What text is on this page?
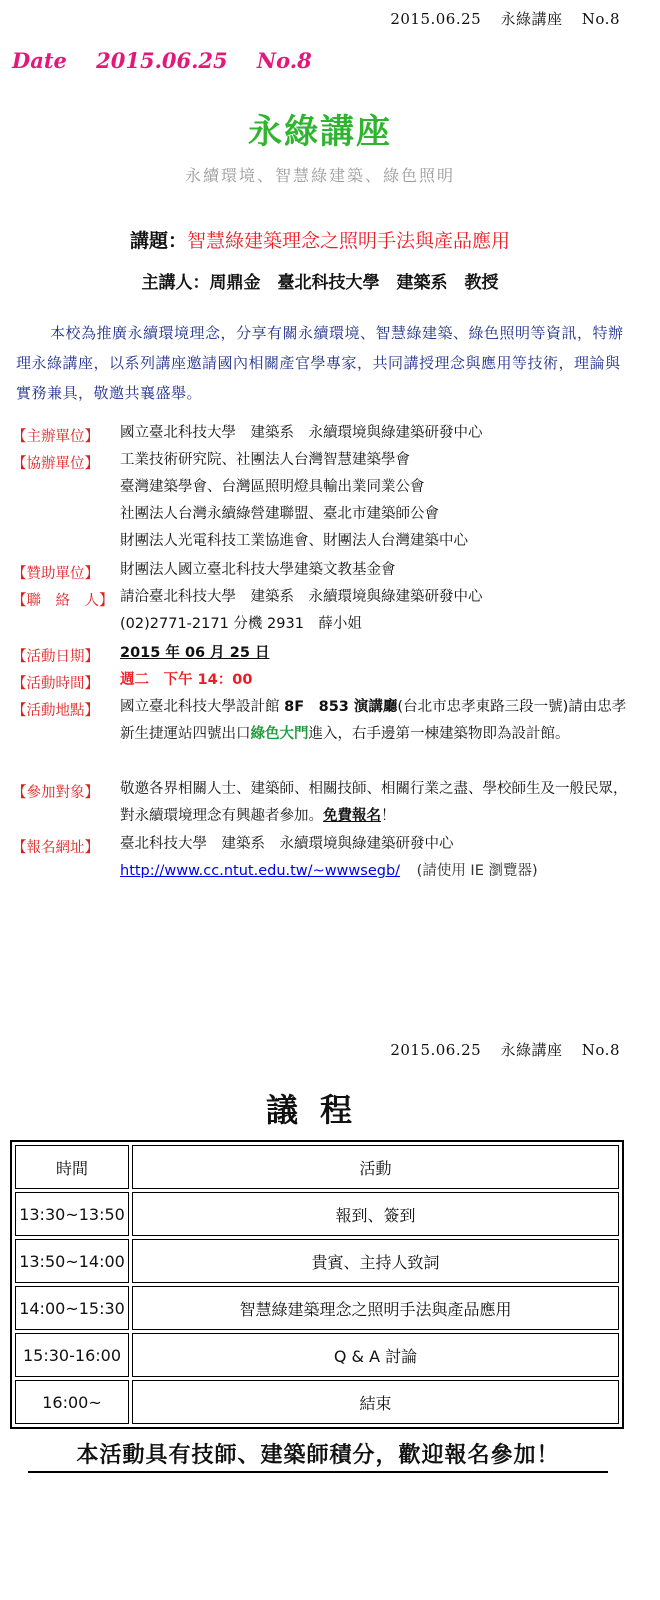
2015.06.25 永綠講座 No.8
Date 2015.06.25 No.8
永綠講座
永續環境、智慧綠建築、綠色照明
講題：智慧綠建築理念之照明手法與產品應用
主講人：周鼎金　臺北科技大學　建築系　教授
本校為推廣永續環境理念，分享有關永續環境、智慧綠建築、綠色照明等資訊，特辦理永綠講座，以系列講座邀請國內相關產官學專家，共同講授理念與應用等技術，理論與實務兼具，敬邀共襄盛舉。
【主辦單位】	國立臺北科技大學　建築系　永續環境與綠建築研發中心
【協辦單位】	工業技術研究院、社團法人台灣智慧建築學會
臺灣建築學會、台灣區照明燈具輸出業同業公會
社團法人台灣永續綠營建聯盟、臺北市建築師公會
財團法人光電科技工業協進會、財團法人台灣建築中心
【贊助單位】	財團法人國立臺北科技大學建築文教基金會
【聯　絡　人】 請洽臺北科技大學　建築系　永續環境與綠建築研發中心
(02)2771-2171 分機 2931　薛小姐
【活動日期】	2015 年 06 月 25 日
【活動時間】	週二　下午 14：00
【活動地點】	國立臺北科技大學設計館 8F　853 演講廳(台北市忠孝東路三段一號)請由忠孝新生捷運站四號出口綠色大門進入，右手邊第一棟建築物即為設計館。
【參加對象】	敬邀各界相關人士、建築師、相關技師、相關行業之盡、學校師生及一般民眾，對永續環境理念有興趣者參加。免費報名！
【報名網址】	臺北科技大學　建築系　永續環境與綠建築研發中心
http://www.cc.ntut.edu.tw/~wwwsegb/ (請使用 IE 瀏覽器)
2015.06.25 永綠講座 No.8
議程
時間	活動
13:30~13:50	報到、簽到
13:50~14:00	貴賓、主持人致詞
14:00~15:30	智慧綠建築理念之照明手法與產品應用
15:30-16:00	Q & A 討論
16:00~	結束
本活動具有技師、建築師積分，歡迎報名參加！
